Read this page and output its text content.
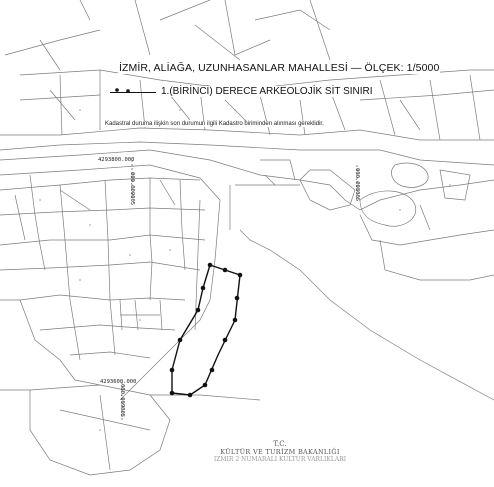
İZMİR, ALİAĞA, UZUNHASANLAR MAHALLESİ — ÖLÇEK: 1/5000
1.(BİRİNCİ) DERECE ARKEOLOJİK SİT SINIRI
Kadastral duruma ilişkin son durumun ilgili Kadastro biriminden alınması gereklidir.
4293800.000
4293600.000
000.009005	000.00800S
000.009005
T.C.
KÜLTÜR VE TURİZM BAKANLIĞI
İZMİR 2 NUMARALI KÜLTÜR VARLIKLARI
